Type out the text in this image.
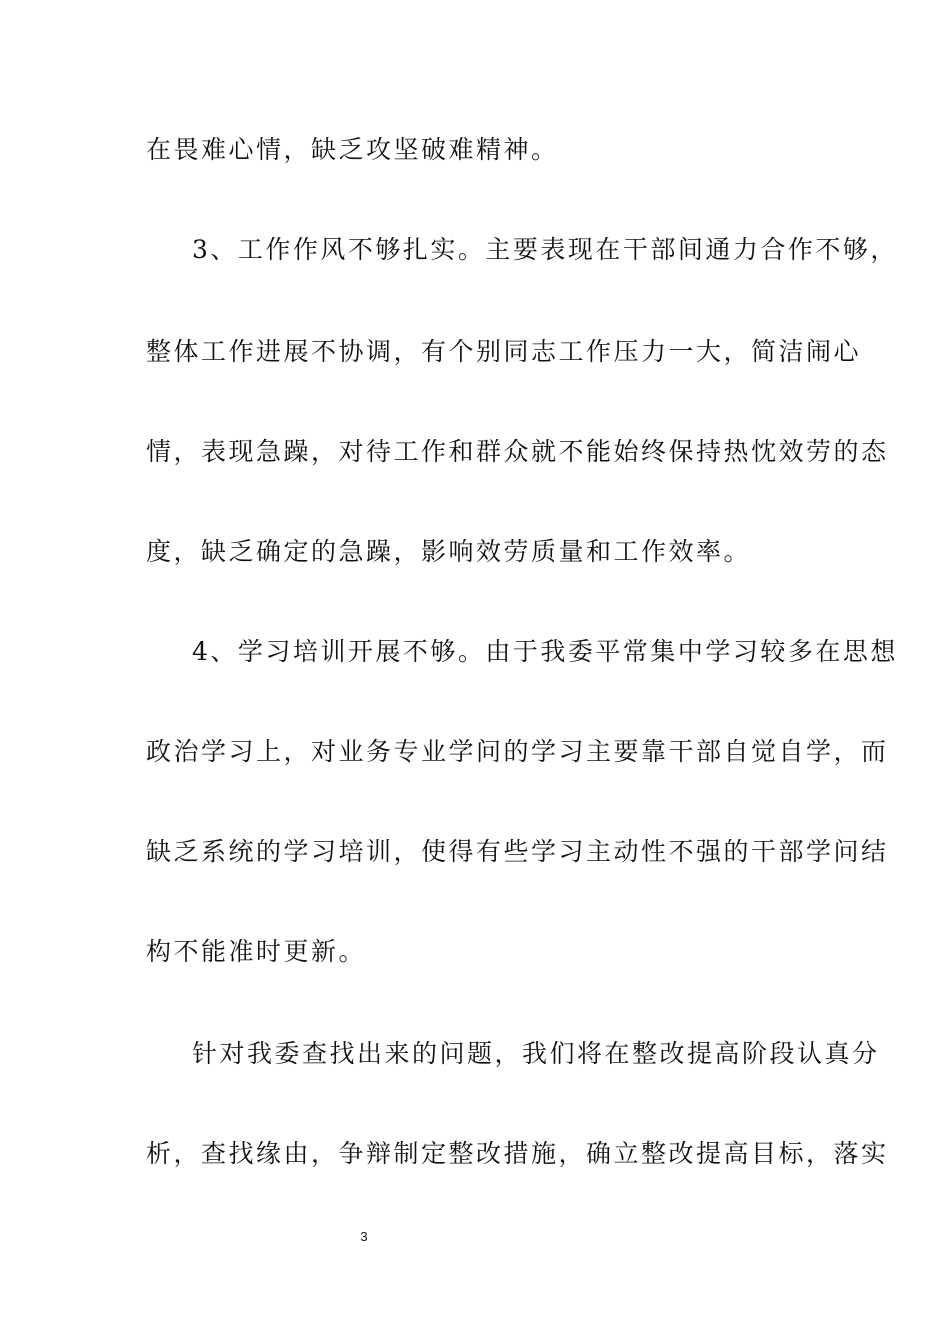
在畏难心情，缺乏攻坚破难精神。
3、工作作风不够扎实。主要表现在干部间通力合作不够，
整体工作进展不协调，有个别同志工作压力一大，简洁闹心
情，表现急躁，对待工作和群众就不能始终保持热忱效劳的态
度，缺乏确定的急躁，影响效劳质量和工作效率。
4、学习培训开展不够。由于我委平常集中学习较多在思想
政治学习上，对业务专业学问的学习主要靠干部自觉自学，而
缺乏系统的学习培训，使得有些学习主动性不强的干部学问结
构不能准时更新。
针对我委查找出来的问题，我们将在整改提高阶段认真分
析，查找缘由，争辩制定整改措施，确立整改提高目标，落实
3
